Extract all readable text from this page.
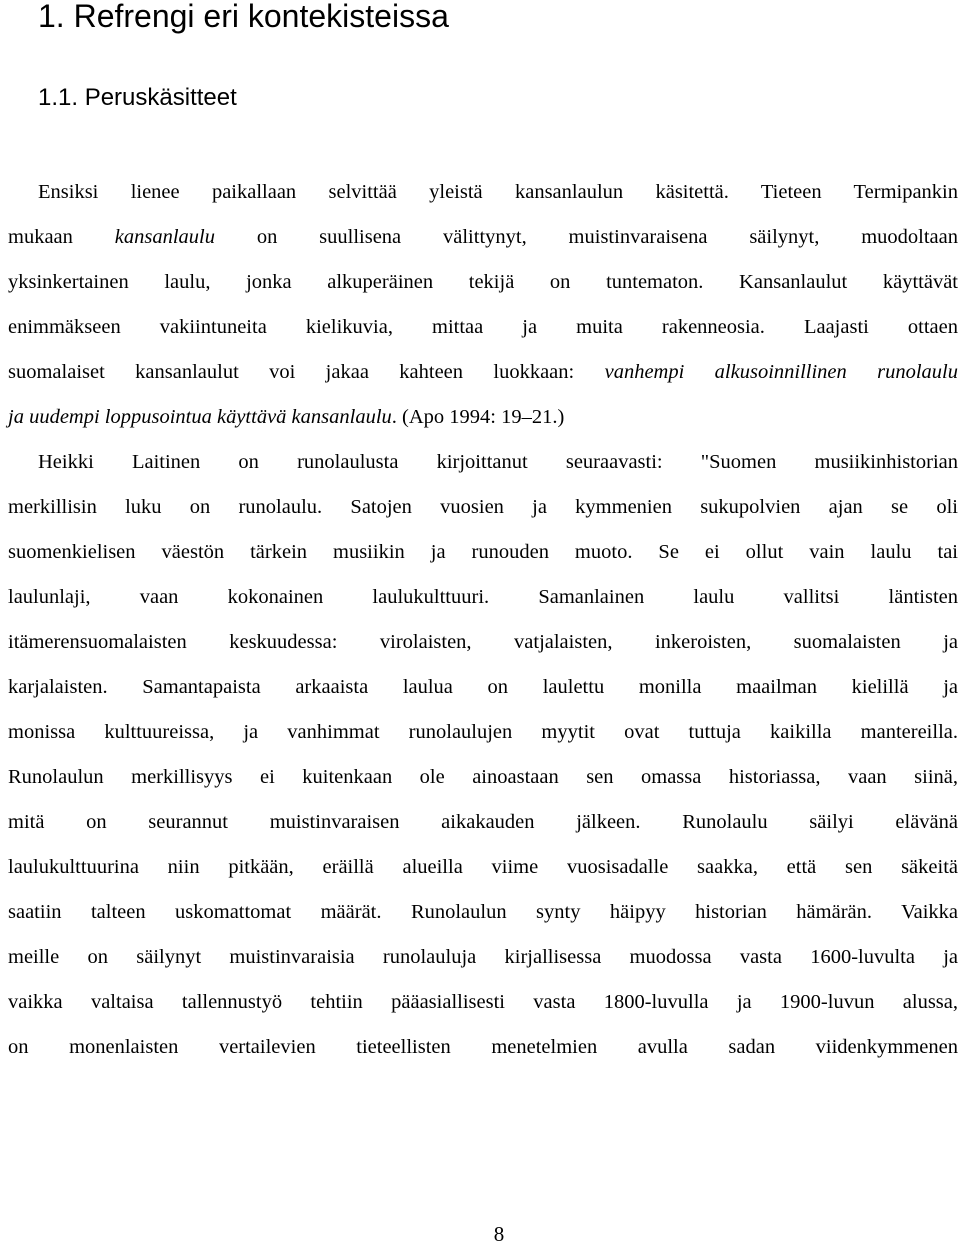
1. Refrengi eri kontekisteissa
1.1. Peruskäsitteet
Ensiksi lienee paikallaan selvittää yleistä kansanlaulun käsitettä. Tieteen Termipankin
mukaan kansanlaulu on suullisena välittynyt, muistinvaraisena säilynyt, muodoltaan
yksinkertainen laulu, jonka alkuperäinen tekijä on tuntematon. Kansanlaulut käyttävät
enimmäkseen vakiintuneita kielikuvia, mittaa ja muita rakenneosia. Laajasti ottaen
suomalaiset kansanlaulut voi jakaa kahteen luokkaan: vanhempi alkusoinnillinen runolaulu
ja uudempi loppusointua käyttävä kansanlaulu. (Apo 1994: 19–21.)
Heikki Laitinen on runolaulusta kirjoittanut seuraavasti: "Suomen musiikinhistorian
merkillisin luku on runolaulu. Satojen vuosien ja kymmenien sukupolvien ajan se oli
suomenkielisen väestön tärkein musiikin ja runouden muoto. Se ei ollut vain laulu tai
laulunlaji, vaan kokonainen laulukulttuuri. Samanlainen laulu vallitsi läntisten
itämerensuomalaisten keskuudessa: virolaisten, vatjalaisten, inkeroisten, suomalaisten ja
karjalaisten. Samantapaista arkaaista laulua on laulettu monilla maailman kielillä ja
monissa kulttuureissa, ja vanhimmat runolaulujen myytit ovat tuttuja kaikilla mantereilla.
Runolaulun merkillisyys ei kuitenkaan ole ainoastaan sen omassa historiassa, vaan siinä,
mitä on seurannut muistinvaraisen aikakauden jälkeen. Runolaulu säilyi elävänä
laulukulttuurina niin pitkään, eräillä alueilla viime vuosisadalle saakka, että sen säkeitä
saatiin talteen uskomattomat määrät. Runolaulun synty häipyy historian hämärän. Vaikka
meille on säilynyt muistinvaraisia runolauluja kirjallisessa muodossa vasta 1600-luvulta ja
vaikka valtaisa tallennustyö tehtiin pääasiallisesti vasta 1800-luvulla ja 1900-luvun alussa,
on monenlaisten vertailevien tieteellisten menetelmien avulla sadan viidenkymmenen
8
